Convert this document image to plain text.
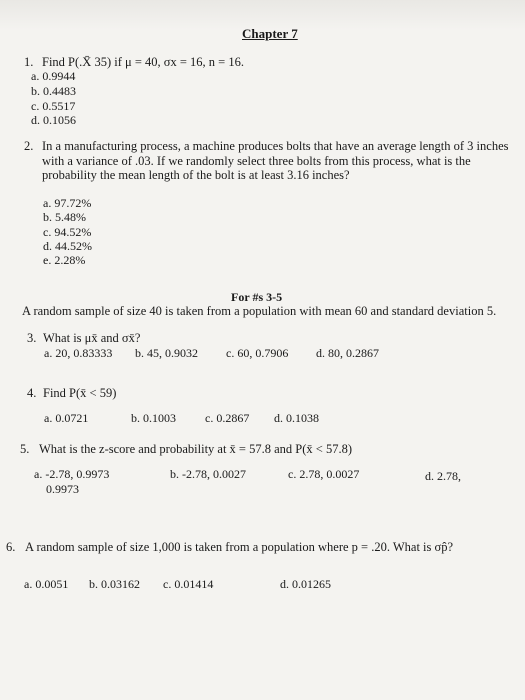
Chapter 7
1. Find P(.X̄ 35) if μ = 40, σx = 16, n = 16.
a. 0.9944
b. 0.4483
c. 0.5517
d. 0.1056
2. In a manufacturing process, a machine produces bolts that have an average length of 3 inches
with a variance of .03. If we randomly select three bolts from this process, what is the
probability the mean length of the bolt is at least 3.16 inches?
a. 97.72%
b. 5.48%
c. 94.52%
d. 44.52%
e. 2.28%
For #s 3-5
A random sample of size 40 is taken from a population with mean 60 and standard deviation 5.
3. What is μx̄ and σx̄?
a. 20, 0.83333 b. 45, 0.9032 c. 60, 0.7906 d. 80, 0.2867
4. Find P(x̄ < 59)
a. 0.0721	b. 0.1003 c. 0.2867 d. 0.1038
5. What is the z-score and probability at x̄ = 57.8 and P(x̄ < 57.8)
a. -2.78, 0.9973
0.9973
b. -2.78, 0.0027	c. 2.78, 0.0027	d. 2.78,
6. A random sample of size 1,000 is taken from a population where p = .20. What is σp̂?
a. 0.0051 b. 0.03162 c. 0.01414	d. 0.01265
